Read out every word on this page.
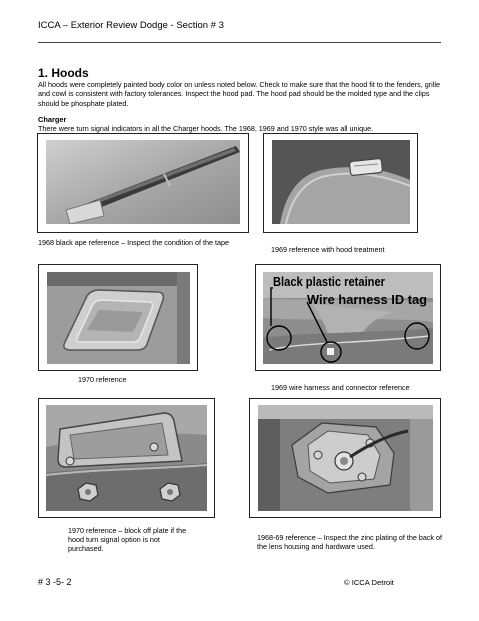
ICCA – Exterior Review Dodge - Section # 3
1. Hoods
All hoods were completely painted body color on unless noted below. Check to make sure that the hood fit to the fenders, grille and cowl is consistent with factory tolerances. Inspect the hood pad. The hood pad should be the molded type and the clips should be phosphate plated.
Charger
There were turn signal indicators in all the Charger hoods. The 1968, 1969 and 1970 style was all unique.
1968 black ape reference – Inspect the condition of the tape
1969 reference with hood treatment
Black plastic retainer
Wire harness ID tag
1970 reference
1969 wire harness and connector reference
1970 reference – block off plate if the hood turn signal option is not purchased.
1968-69 reference – Inspect the zinc plating of the back of the lens housing and hardware used.
# 3 -5- 2	© ICCA Detroit
